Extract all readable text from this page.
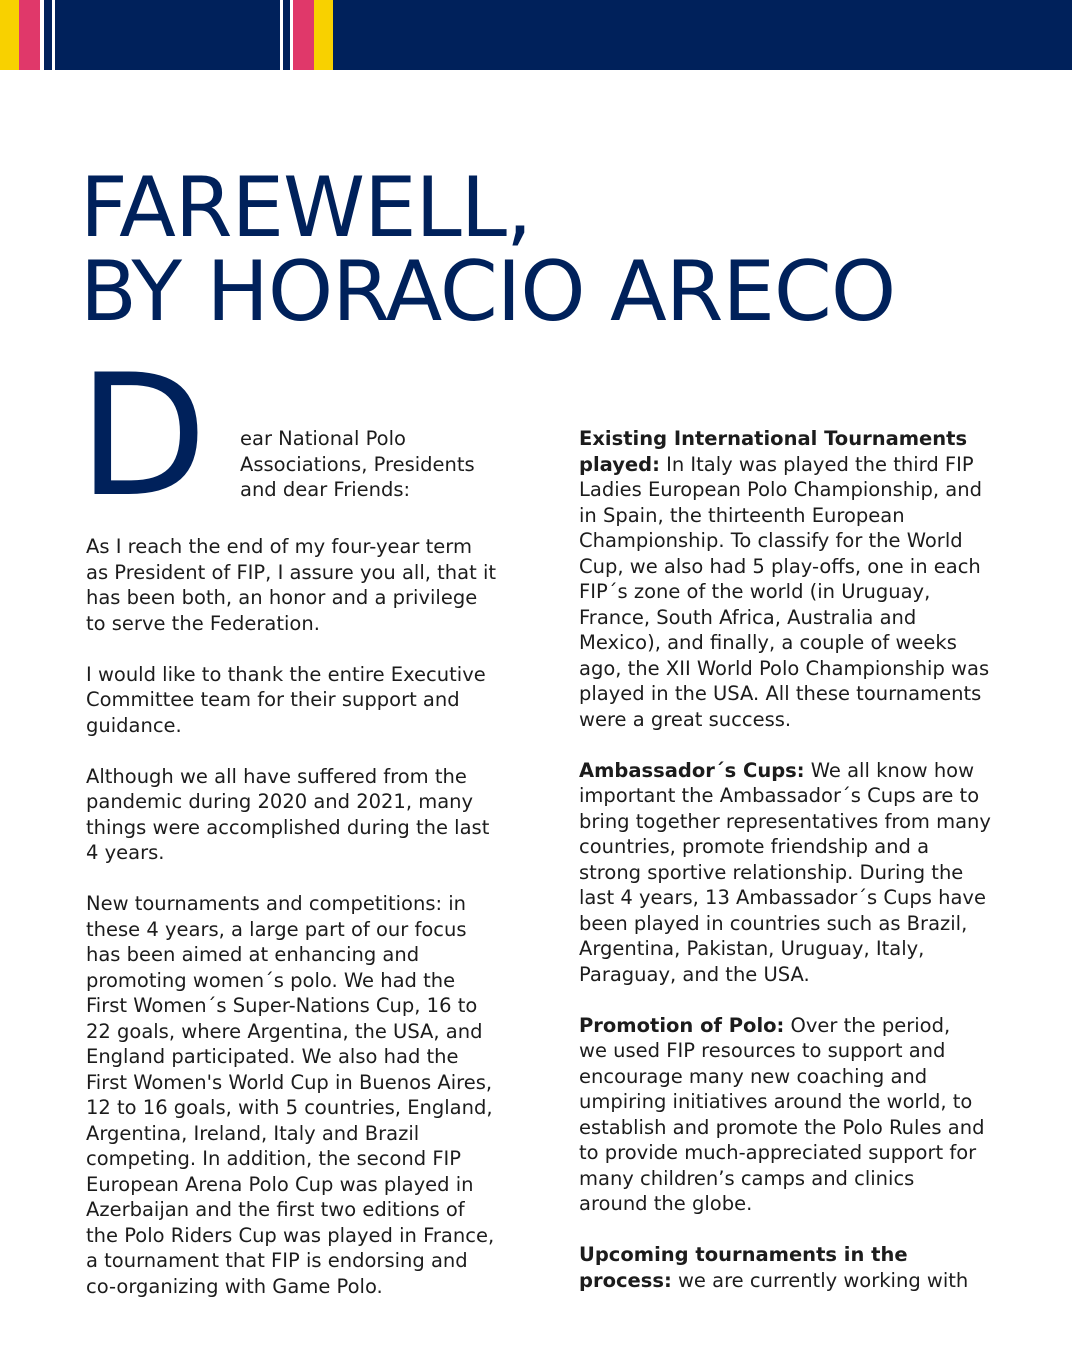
FAREWELL,
BY HORACIO ARECO
D ear National Polo
Associations, Presidents
and dear Friends:

As I reach the end of my four-year term
as President of FIP, I assure you all, that it
has been both, an honor and a privilege
to serve the Federation.

I would like to thank the entire Executive
Committee team for their support and
guidance.

Although we all have suffered from the
pandemic during 2020 and 2021, many
things were accomplished during the last
4 years.

New tournaments and competitions: in
these 4 years, a large part of our focus
has been aimed at enhancing and
promoting women´s polo. We had the
First Women´s Super-Nations Cup, 16 to
22 goals, where Argentina, the USA, and
England participated. We also had the
First Women's World Cup in Buenos Aires,
12 to 16 goals, with 5 countries, England,
Argentina, Ireland, Italy and Brazil
competing. In addition, the second FIP
European Arena Polo Cup was played in
Azerbaijan and the first two editions of
the Polo Riders Cup was played in France,
a tournament that FIP is endorsing and
co-organizing with Game Polo.

Existing International Tournaments
played: In Italy was played the third FIP
Ladies European Polo Championship, and
in Spain, the thirteenth European
Championship. To classify for the World
Cup, we also had 5 play-offs, one in each
FIP´s zone of the world (in Uruguay,
France, South Africa, Australia and
Mexico), and finally, a couple of weeks
ago, the XII World Polo Championship was
played in the USA. All these tournaments
were a great success.

Ambassador´s Cups: We all know how
important the Ambassador´s Cups are to
bring together representatives from many
countries, promote friendship and a
strong sportive relationship. During the
last 4 years, 13 Ambassador´s Cups have
been played in countries such as Brazil,
Argentina, Pakistan, Uruguay, Italy,
Paraguay, and the USA.

Promotion of Polo: Over the period,
we used FIP resources to support and
encourage many new coaching and
umpiring initiatives around the world, to
establish and promote the Polo Rules and
to provide much-appreciated support for
many children’s camps and clinics
around the globe.

Upcoming tournaments in the
process: we are currently working with
